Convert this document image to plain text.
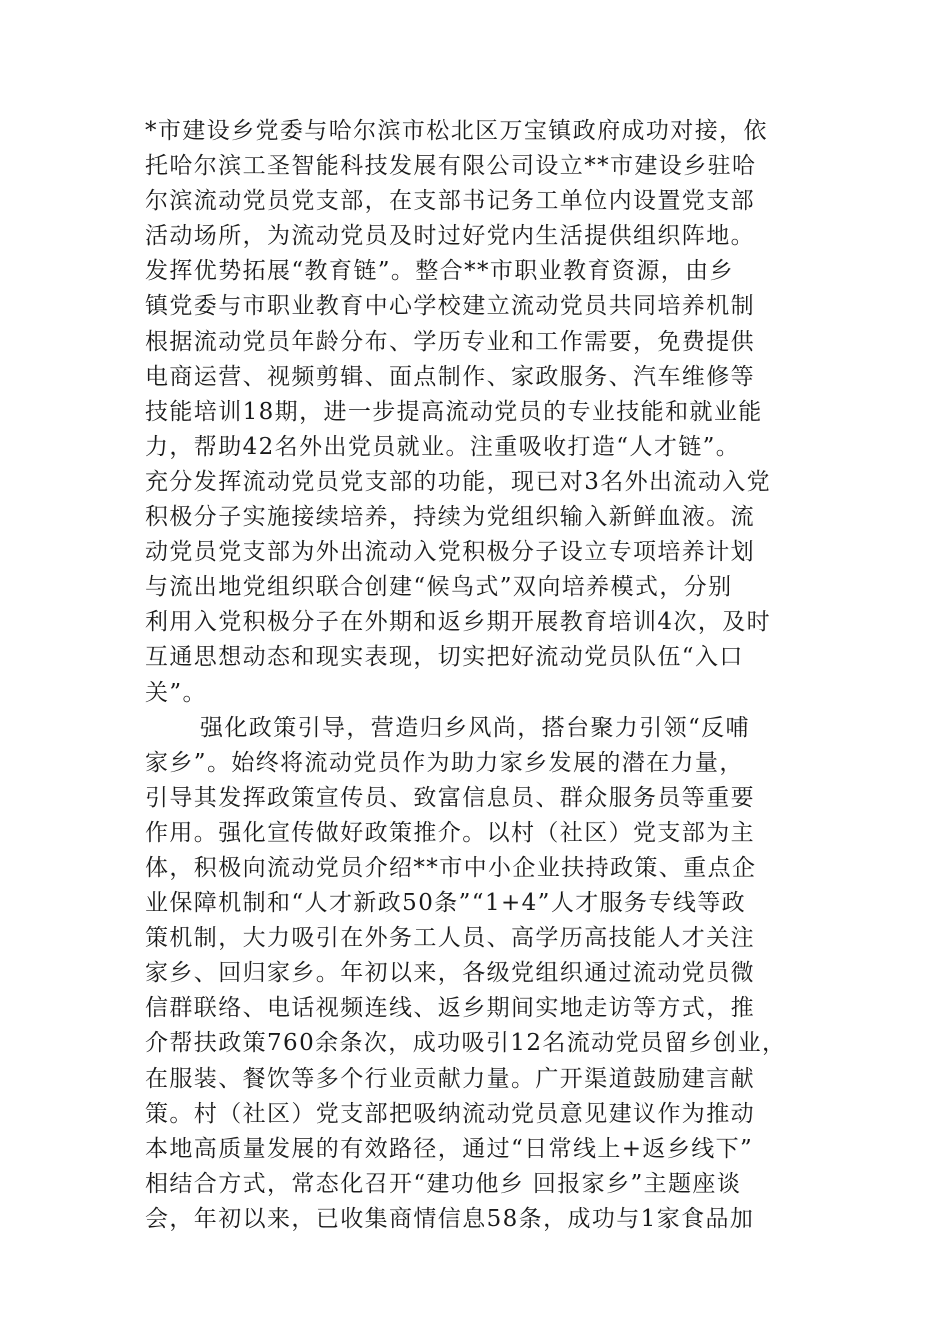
*市建设乡党委与哈尔滨市松北区万宝镇政府成功对接，依
托哈尔滨工圣智能科技发展有限公司设立**市建设乡驻哈
尔滨流动党员党支部，在支部书记务工单位内设置党支部
活动场所，为流动党员及时过好党内生活提供组织阵地。
发挥优势拓展“教育链”。整合**市职业教育资源，由乡
镇党委与市职业教育中心学校建立流动党员共同培养机制
根据流动党员年龄分布、学历专业和工作需要，免费提供
电商运营、视频剪辑、面点制作、家政服务、汽车维修等
技能培训18期，进一步提高流动党员的专业技能和就业能
力，帮助42名外出党员就业。注重吸收打造“人才链”。
充分发挥流动党员党支部的功能，现已对3名外出流动入党
积极分子实施接续培养，持续为党组织输入新鲜血液。流
动党员党支部为外出流动入党积极分子设立专项培养计划
与流出地党组织联合创建“候鸟式”双向培养模式，分别
利用入党积极分子在外期和返乡期开展教育培训4次，及时
互通思想动态和现实表现，切实把好流动党员队伍“入口
关”。
强化政策引导，营造归乡风尚，搭台聚力引领“反哺
家乡”。始终将流动党员作为助力家乡发展的潜在力量，
引导其发挥政策宣传员、致富信息员、群众服务员等重要
作用。强化宣传做好政策推介。以村（社区）党支部为主
体，积极向流动党员介绍**市中小企业扶持政策、重点企
业保障机制和“人才新政50条”“1+4”人才服务专线等政
策机制，大力吸引在外务工人员、高学历高技能人才关注
家乡、回归家乡。年初以来，各级党组织通过流动党员微
信群联络、电话视频连线、返乡期间实地走访等方式，推
介帮扶政策760余条次，成功吸引12名流动党员留乡创业，
在服装、餐饮等多个行业贡献力量。广开渠道鼓励建言献
策。村（社区）党支部把吸纳流动党员意见建议作为推动
本地高质量发展的有效路径，通过“日常线上+返乡线下”
相结合方式，常态化召开“建功他乡 回报家乡”主题座谈
会，年初以来，已收集商情信息58条，成功与1家食品加
